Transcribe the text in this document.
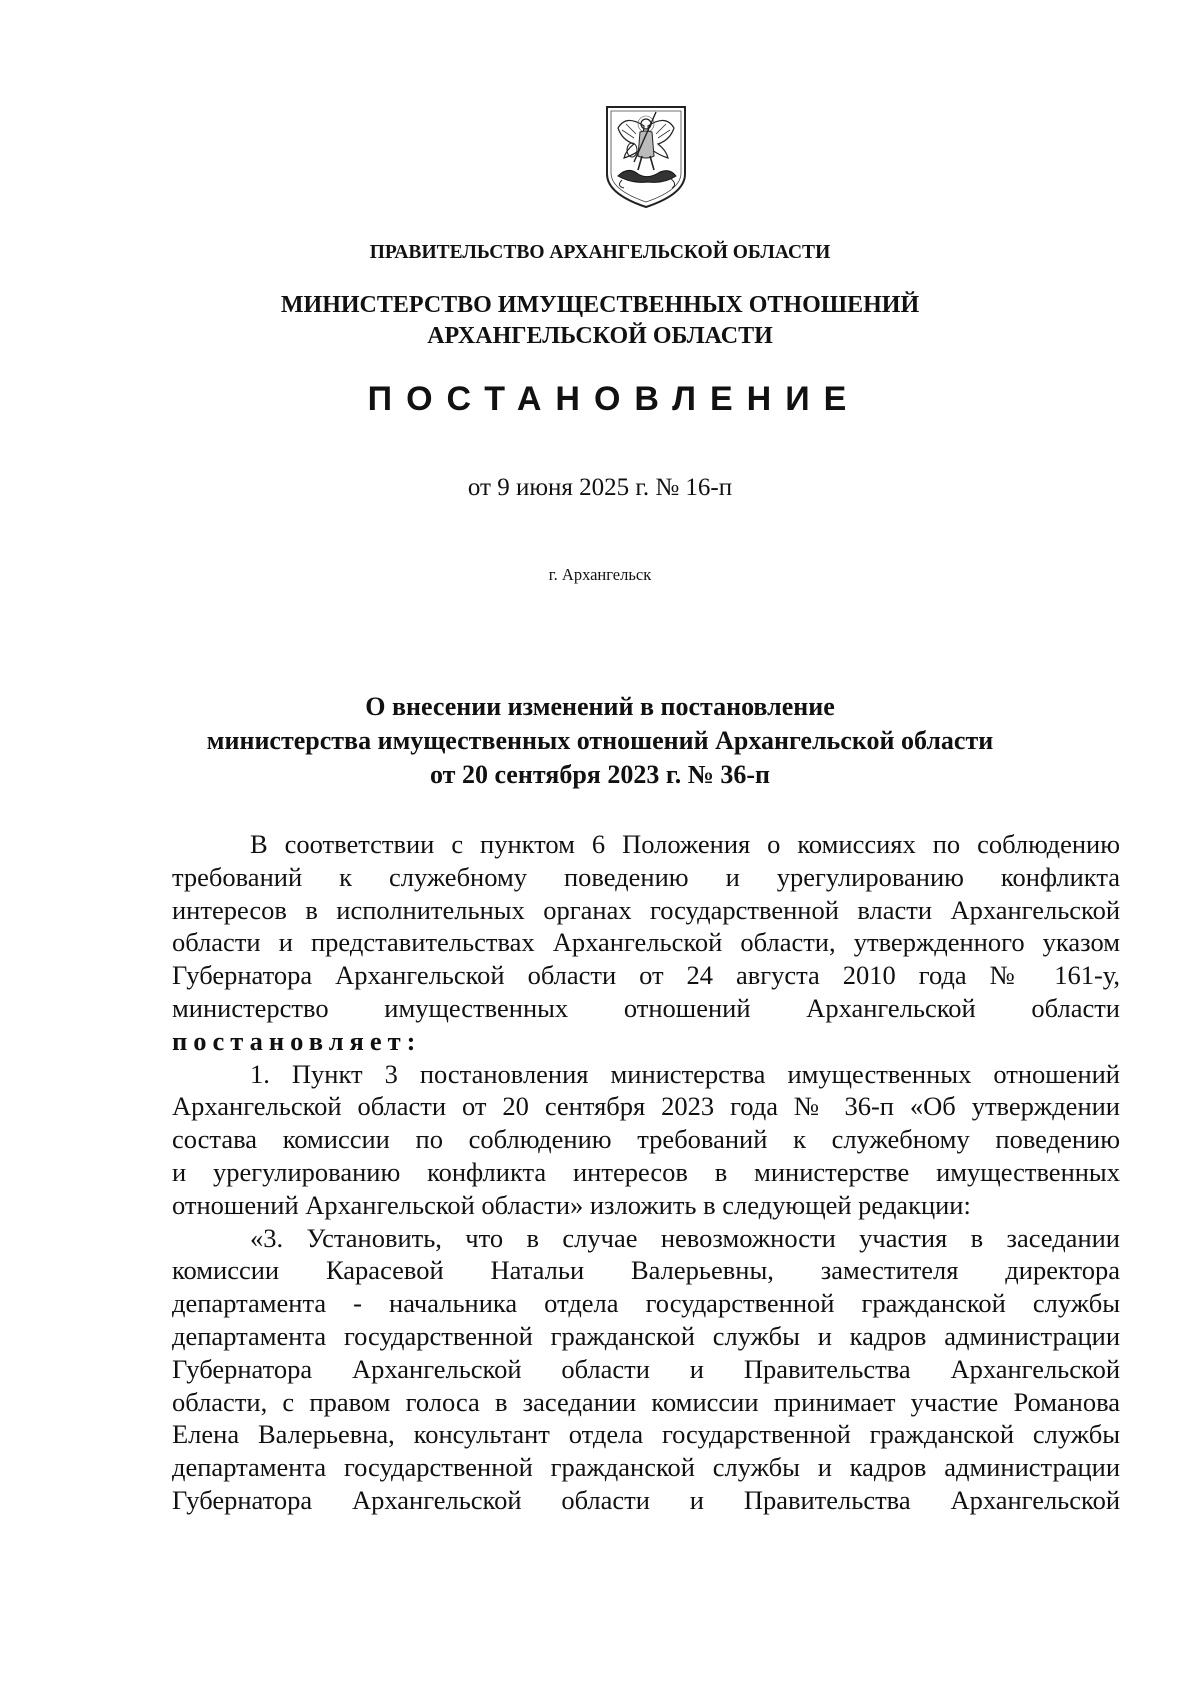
ПРАВИТЕЛЬСТВО АРХАНГЕЛЬСКОЙ ОБЛАСТИ
МИНИСТЕРСТВО ИМУЩЕСТВЕННЫХ ОТНОШЕНИЙ
АРХАНГЕЛЬСКОЙ ОБЛАСТИ
ПОСТАНОВЛЕНИЕ
от 9 июня 2025 г. № 16-п
г. Архангельск
О внесении изменений в постановление
министерства имущественных отношений Архангельской области
от 20 сентября 2023 г. № 36-п
В соответствии с пунктом 6 Положения о комиссиях по соблюдению
требований к служебному поведению и урегулированию конфликта
интересов в исполнительных органах государственной власти Архангельской
области и представительствах Архангельской области, утвержденного указом
Губернатора Архангельской области от 24 августа 2010 года № 161-у,
министерство имущественных отношений Архангельской области
постановляет:
1. Пункт 3 постановления министерства имущественных отношений
Архангельской области от 20 сентября 2023 года № 36-п «Об утверждении
состава комиссии по соблюдению требований к служебному поведению
и урегулированию конфликта интересов в министерстве имущественных
отношений Архангельской области» изложить в следующей редакции:
«3. Установить, что в случае невозможности участия в заседании
комиссии Карасевой Натальи Валерьевны, заместителя директора
департамента - начальника отдела государственной гражданской службы
департамента государственной гражданской службы и кадров администрации
Губернатора Архангельской области и Правительства Архангельской
области, с правом голоса в заседании комиссии принимает участие Романова
Елена Валерьевна, консультант отдела государственной гражданской службы
департамента государственной гражданской службы и кадров администрации
Губернатора Архангельской области и Правительства Архангельской
